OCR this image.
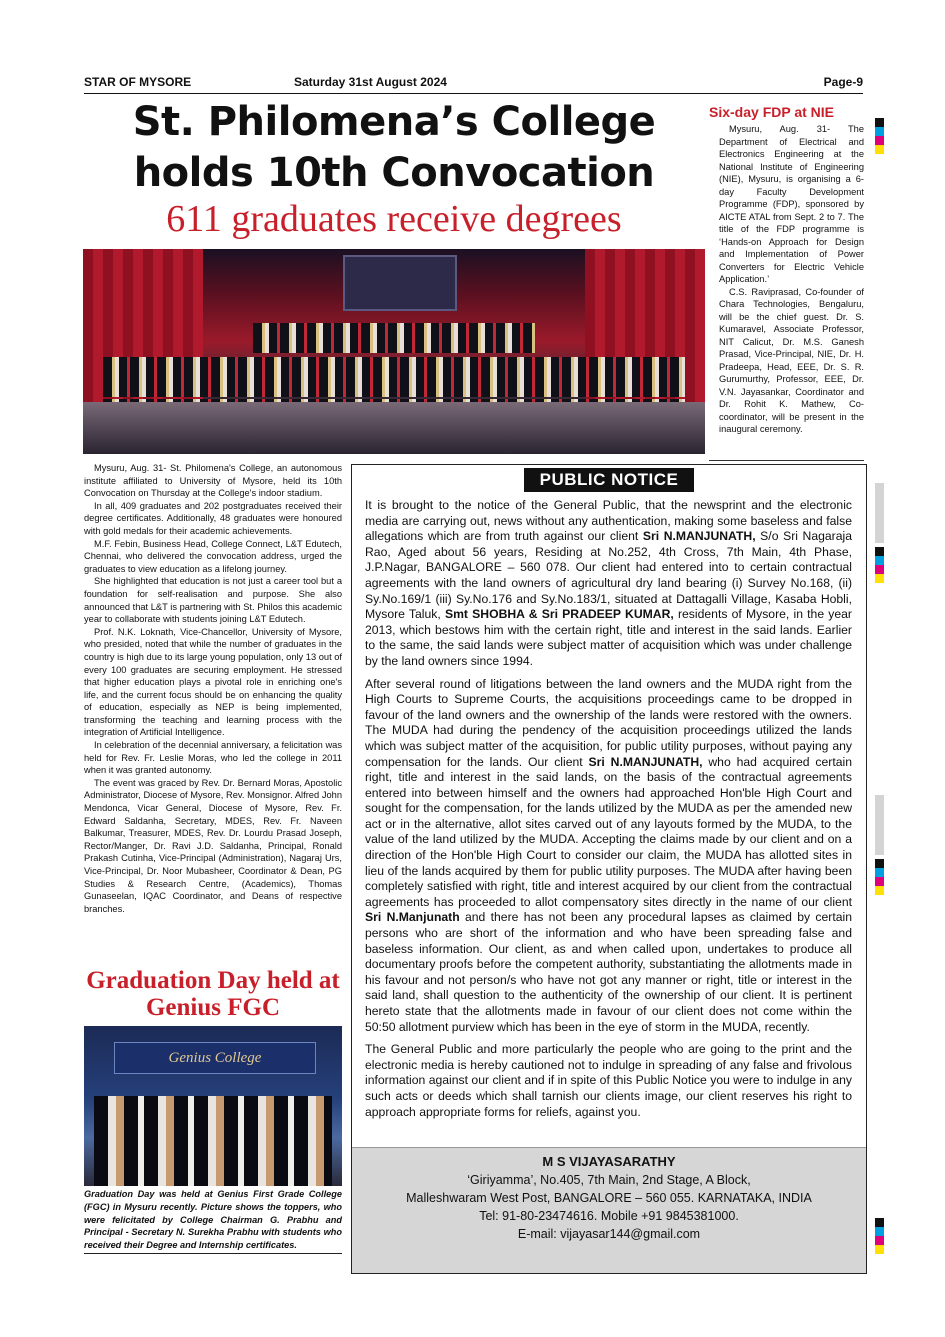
STAR OF MYSORE	Saturday 31st August 2024	Page-9
St. Philomena’s College
holds 10th Convocation
611 graduates receive degrees
Six-day FDP at NIE

Mysuru, Aug. 31- The Department of Electrical and Electronics Engineering at the National Institute of Engineering (NIE), Mysuru, is organising a 6-day Faculty Development Programme (FDP), sponsored by AICTE ATAL from Sept. 2 to 7. The title of the FDP programme is ‘Hands-on Approach for Design and Implementation of Power Converters for Electric Vehicle Application.’

C.S. Raviprasad, Co-founder of Chara Technologies, Bengaluru, will be the chief guest. Dr. S. Kumaravel, Associate Professor, NIT Calicut, Dr. M.S. Ganesh Prasad, Vice-Principal, NIE, Dr. H. Pradeepa, Head, EEE, Dr. S. R. Gurumurthy, Professor, EEE, Dr. V.N. Jayasankar, Coordinator and Dr. Rohit K. Mathew, Co-coordinator, will be present in the inaugural ceremony.

Mysuru, Aug. 31- St. Philomena's College, an autonomous institute affiliated to University of Mysore, held its 10th Convocation on Thursday at the College's indoor stadium.

In all, 409 graduates and 202 postgraduates received their degree certificates. Additionally, 48 graduates were honoured with gold medals for their academic achievements.

M.F. Febin, Business Head, College Connect, L&T Edutech, Chennai, who delivered the convocation address, urged the graduates to view education as a lifelong journey.

She highlighted that education is not just a career tool but a foundation for self-realisation and purpose. She also announced that L&T is partnering with St. Philos this academic year to collaborate with students joining L&T Edutech.

Prof. N.K. Loknath, Vice-Chancellor, University of Mysore, who presided, noted that while the number of graduates in the country is high due to its large young population, only 13 out of every 100 graduates are securing employment. He stressed that higher education plays a pivotal role in enriching one's life, and the current focus should be on enhancing the quality of education, especially as NEP is being implemented, transforming the teaching and learning process with the integration of Artificial Intelligence.

In celebration of the decennial anniversary, a felicitation was held for Rev. Fr. Leslie Moras, who led the college in 2011 when it was granted autonomy.

The event was graced by Rev. Dr. Bernard Moras, Apostolic Administrator, Diocese of Mysore, Rev. Monsignor. Alfred John Mendonca, Vicar General, Diocese of Mysore, Rev. Fr. Edward Saldanha, Secretary, MDES, Rev. Fr. Naveen Balkumar, Treasurer, MDES, Rev. Dr. Lourdu Prasad Joseph, Rector/Manger, Dr. Ravi J.D. Saldanha, Principal, Ronald Prakash Cutinha, Vice-Principal (Administration), Nagaraj Urs, Vice-Principal, Dr. Noor Mubasheer, Coordinator & Dean, PG Studies & Research Centre, (Academics), Thomas Gunaseelan, IQAC Coordinator, and Deans of respective branches.

Graduation Day held at Genius FGC
Genius College
Graduation Day was held at Genius First Grade College (FGC) in Mysuru recently. Picture shows the toppers, who were felicitated by College Chairman G. Prabhu and Principal - Secretary N. Surekha Prabhu with students who received their Degree and Internship certificates.
PUBLIC NOTICE

It is brought to the notice of the General Public, that the newsprint and the electronic media are carrying out, news without any authentication, making some baseless and false allegations which are from truth against our client Sri N.MANJUNATH, S/o Sri Nagaraja Rao, Aged about 56 years, Residing at No.252, 4th Cross, 7th Main, 4th Phase, J.P.Nagar, BANGALORE – 560 078. Our client had entered into to certain contractual agreements with the land owners of agricultural dry land bearing (i) Survey No.168, (ii) Sy.No.169/1 (iii) Sy.No.176 and Sy.No.183/1, situated at Dattagalli Village, Kasaba Hobli, Mysore Taluk, Smt SHOBHA & Sri PRADEEP KUMAR, residents of Mysore, in the year 2013, which bestows him with the certain right, title and interest in the said lands. Earlier to the same, the said lands were subject matter of acquisition which was under challenge by the land owners since 1994.

After several round of litigations between the land owners and the MUDA right from the High Courts to Supreme Courts, the acquisitions proceedings came to be dropped in favour of the land owners and the ownership of the lands were restored with the owners. The MUDA had during the pendency of the acquisition proceedings utilized the lands which was subject matter of the acquisition, for public utility purposes, without paying any compensation for the lands. Our client Sri N.MANJUNATH, who had acquired certain right, title and interest in the said lands, on the basis of the contractual agreements entered into between himself and the owners had approached Hon'ble High Court and sought for the compensation, for the lands utilized by the MUDA as per the amended new act or in the alternative, allot sites carved out of any layouts formed by the MUDA, to the value of the land utilized by the MUDA. Accepting the claims made by our client and on a direction of the Hon'ble High Court to consider our claim, the MUDA has allotted sites in lieu of the lands acquired by them for public utility purposes. The MUDA after having been completely satisfied with right, title and interest acquired by our client from the contractual agreements has proceeded to allot compensatory sites directly in the name of our client Sri N.Manjunath and there has not been any procedural lapses as claimed by certain persons who are short of the information and who have been spreading false and baseless information. Our client, as and when called upon, undertakes to produce all documentary proofs before the competent authority, substantiating the allotments made in his favour and not person/s who have not got any manner or right, title or interest in the said land, shall question to the authenticity of the ownership of our client. It is pertinent hereto state that the allotments made in favour of our client does not come within the 50:50 allotment purview which has been in the eye of storm in the MUDA, recently.

The General Public and more particularly the people who are going to the print and the electronic media is hereby cautioned not to indulge in spreading of any false and frivolous information against our client and if in spite of this Public Notice you were to indulge in any such acts or deeds which shall tarnish our clients image, our client reserves his right to approach appropriate forms for reliefs, against you.

M S VIJAYASARATHY
‘Giriyamma’, No.405, 7th Main, 2nd Stage, A Block,
Malleshwaram West Post, BANGALORE – 560 055. KARNATAKA, INDIA
Tel: 91-80-23474616. Mobile +91 9845381000.
E-mail: vijayasar144@gmail.com
